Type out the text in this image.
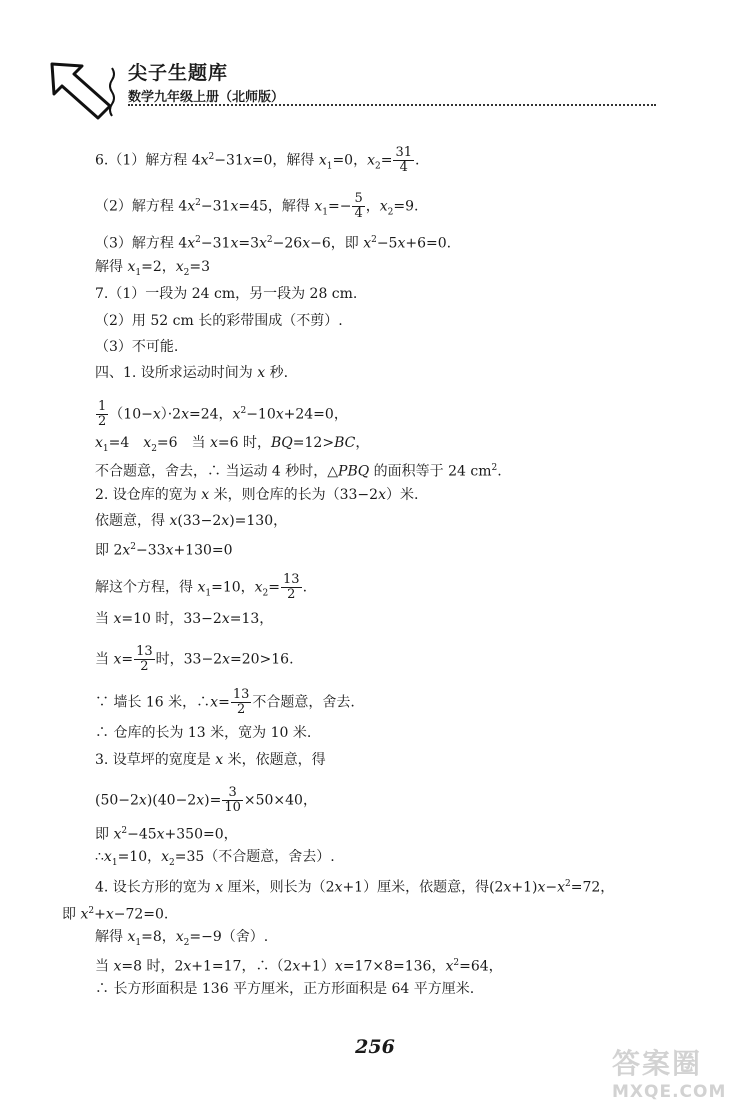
尖子生题库
数学九年级上册（北师版）
6.（1）解方程 $4x^2-31x=0$，解得 $x_1=0$，$x_2= \frac{31}{4}$ .
（2）解方程 $4x^2-31x=45$，解得 $x_1=- \frac{5}{4}$ ，$x_2=9$.
（3）解方程 $4x^2-31x=3x^2-26x-6$，即 $x^2-5x+6=0$.
解得 $x_1=2$，$x_2=3$
7.（1）一段为 24 cm，另一段为 28 cm.
（2）用 52 cm 长的彩带围成（不剪）.
（3）不可能.
四、1. 设所求运动时间为 x 秒.
$\frac{1}{2} (10-x)\cdot 2x=24$，$x^2-10x+24=0$，
$x_1=4$　$x_2=6$　当 x=6 时，BQ=12>BC，
不合题意，舍去，∴ 当运动 4 秒时，△PBQ 的面积等于 24 $cm^2$.
2. 设仓库的宽为 x 米，则仓库的长为（33−2x）米.
依题意，得 x(33−2x)=130，
即 $2x^2-33x+130=0$
解这个方程，得 $x_1=10$，$x_2= \frac{13}{2}$ .
当 x=10 时，33−2x=13，
当 $x= \frac{13}{2}$ 时，33−2x=20>16.
∵ 墙长 16 米，∴x= $\frac{13}{2}$ 不合题意，舍去.
∴ 仓库的长为 13 米，宽为 10 米.
3. 设草坪的宽度是 x 米，依题意，得
$(50-2x)(40-2x)= \frac{3}{10} \times 50\times 40$，
即 $x^2-45x+350=0$，
$\therefore x_1=10$，$x_2=35$（不合题意，舍去）.
4. 设长方形的宽为 x 厘米，则长为（2x+1）厘米，依题意，得$(2x+1)x-x^2=72$，
即 $x^2+x-72=0$.
解得 $x_1=8$，$x_2=-9$（舍）.
当 x=8 时，2x+1=17，∴（2x+1）x=17×8=136，$x^2=64$，
∴ 长方形面积是 136 平方厘米，正方形面积是 64 平方厘米.
256	答案圈
MXQE.COM
